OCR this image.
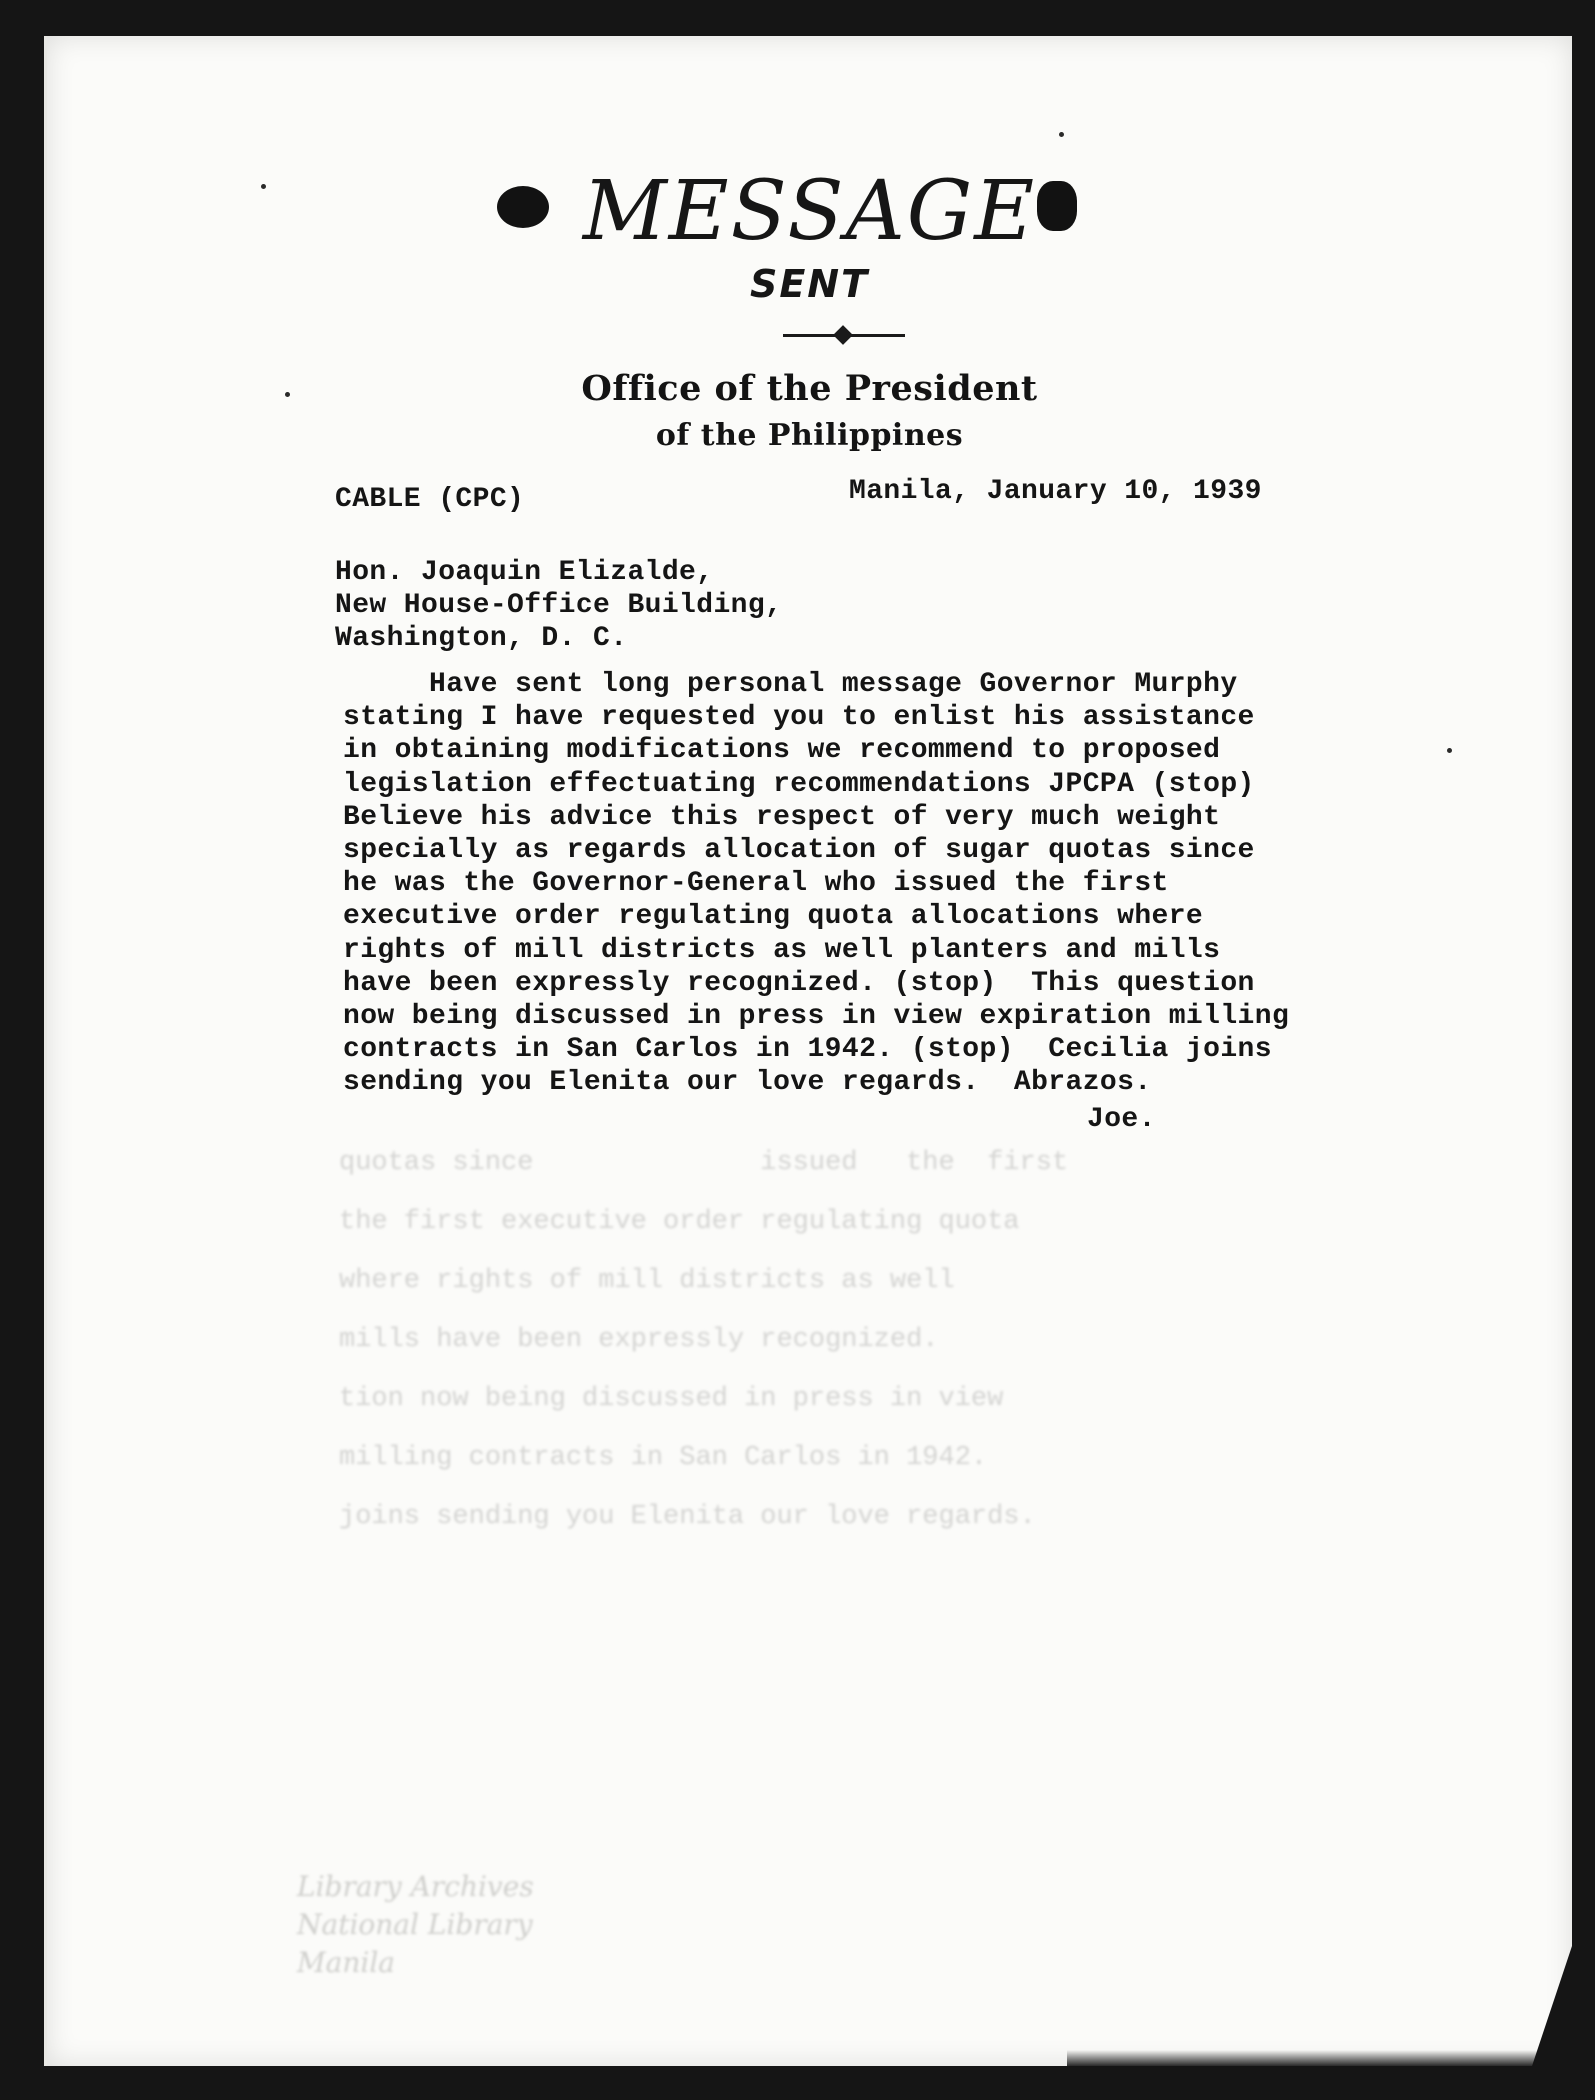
MESSAGE
SENT
Office of the President
of the Philippines
CABLE (CPC)	Manila, January 10, 1939
Hon. Joaquin Elizalde,
New House-Office Building,
Washington, D. C.
Have sent long personal message Governor Murphy
stating I have requested you to enlist his assistance
in obtaining modifications we recommend to proposed
legislation effectuating recommendations JPCPA (stop)
Believe his advice this respect of very much weight
specially as regards allocation of sugar quotas since
he was the Governor-General who issued the first
executive order regulating quota allocations where
rights of mill districts as well planters and mills
have been expressly recognized. (stop)  This question
now being discussed in press in view expiration milling
contracts in San Carlos in 1942. (stop)  Cecilia joins
sending you Elenita our love regards.  Abrazos.
Joe.
quotas since              issued   the  first
the first executive order regulating quota
where rights of mill districts as well
mills have been expressly recognized.
tion now being discussed in press in view
milling contracts in San Carlos in 1942.
joins sending you Elenita our love regards.
Library Archives
National Library
Manila
